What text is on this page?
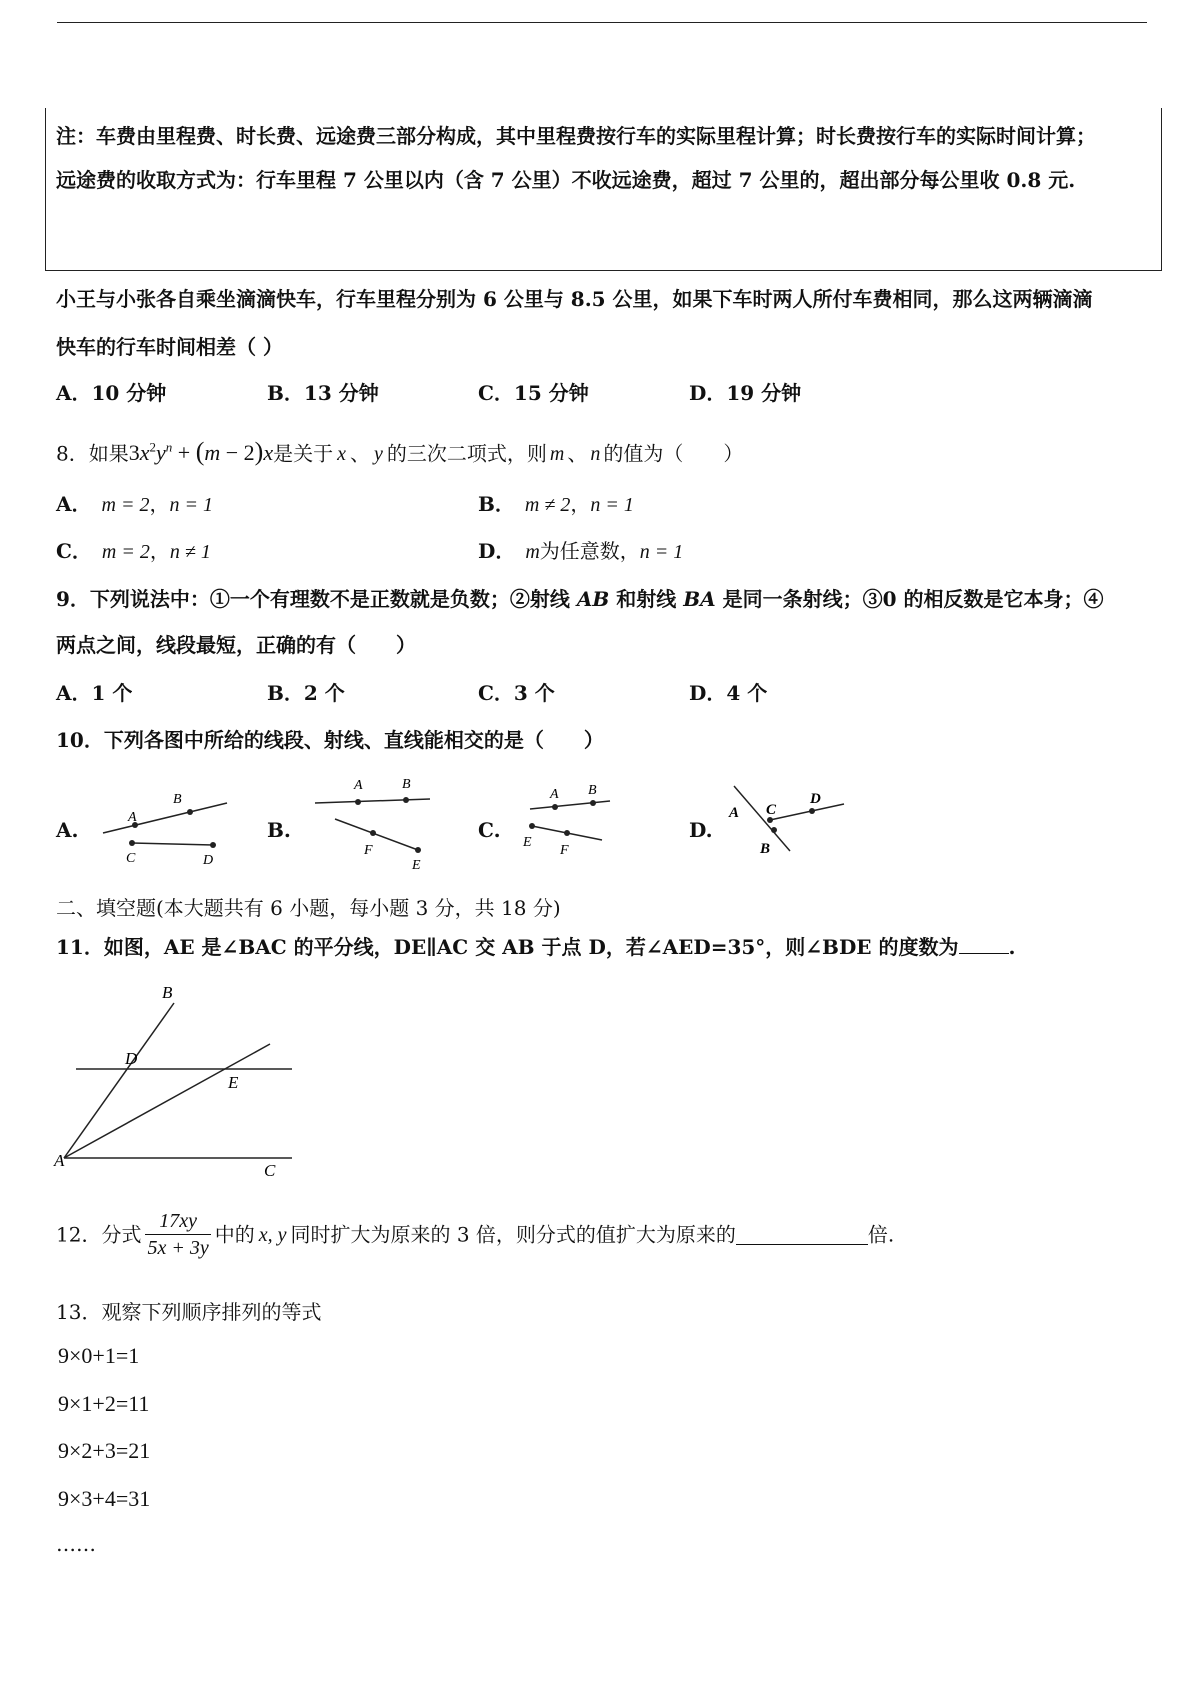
注：车费由里程费、时长费、远途费三部分构成，其中里程费按行车的实际里程计算；时长费按行车的实际时间计算；
远途费的收取方式为：行车里程 7 公里以内（含 7 公里）不收远途费，超过 7 公里的，超出部分每公里收 0.8 元.
小王与小张各自乘坐滴滴快车，行车里程分别为 6 公里与 8.5 公里，如果下车时两人所付车费相同，那么这两辆滴滴
快车的行车时间相差（ ）
A．10 分钟	B．13 分钟	C．15 分钟	D．19 分钟
8．如果$3x^2y^n + (m - 2)x$是关于 x 、 y 的三次二项式，则 m 、 n 的值为（　　）
A． m = 2，n = 1	B． m ≠ 2，n = 1
C． m = 2，n ≠ 1	D． m为任意数，n = 1
9．下列说法中：①一个有理数不是正数就是负数；②射线 AB 和射线 BA 是同一条射线；③0 的相反数是它本身；④
两点之间，线段最短，正确的有（　　）
A．1 个	B．2 个	C．3 个	D．4 个
10．下列各图中所给的线段、射线、直线能相交的是（　　）
A.	B.	C.	D.
A
B
C	D
A	B
F
E
A B
E
F
A C
D
B
二、填空题(本大题共有 6 小题，每小题 3 分，共 18 分)
11．如图，AE 是∠BAC 的平分线，DE∥AC 交 AB 于点 D，若∠AED=35°，则∠BDE 的度数为	.
B
D
E
A
C
12．分式 $\frac{17xy}{5x + 3y}$ 中的 x, y 同时扩大为原来的 3 倍，则分式的值扩大为原来的	倍.
13．观察下列顺序排列的等式
9×0+1=1
9×1+2=11
9×2+3=21
9×3+4=31
……
